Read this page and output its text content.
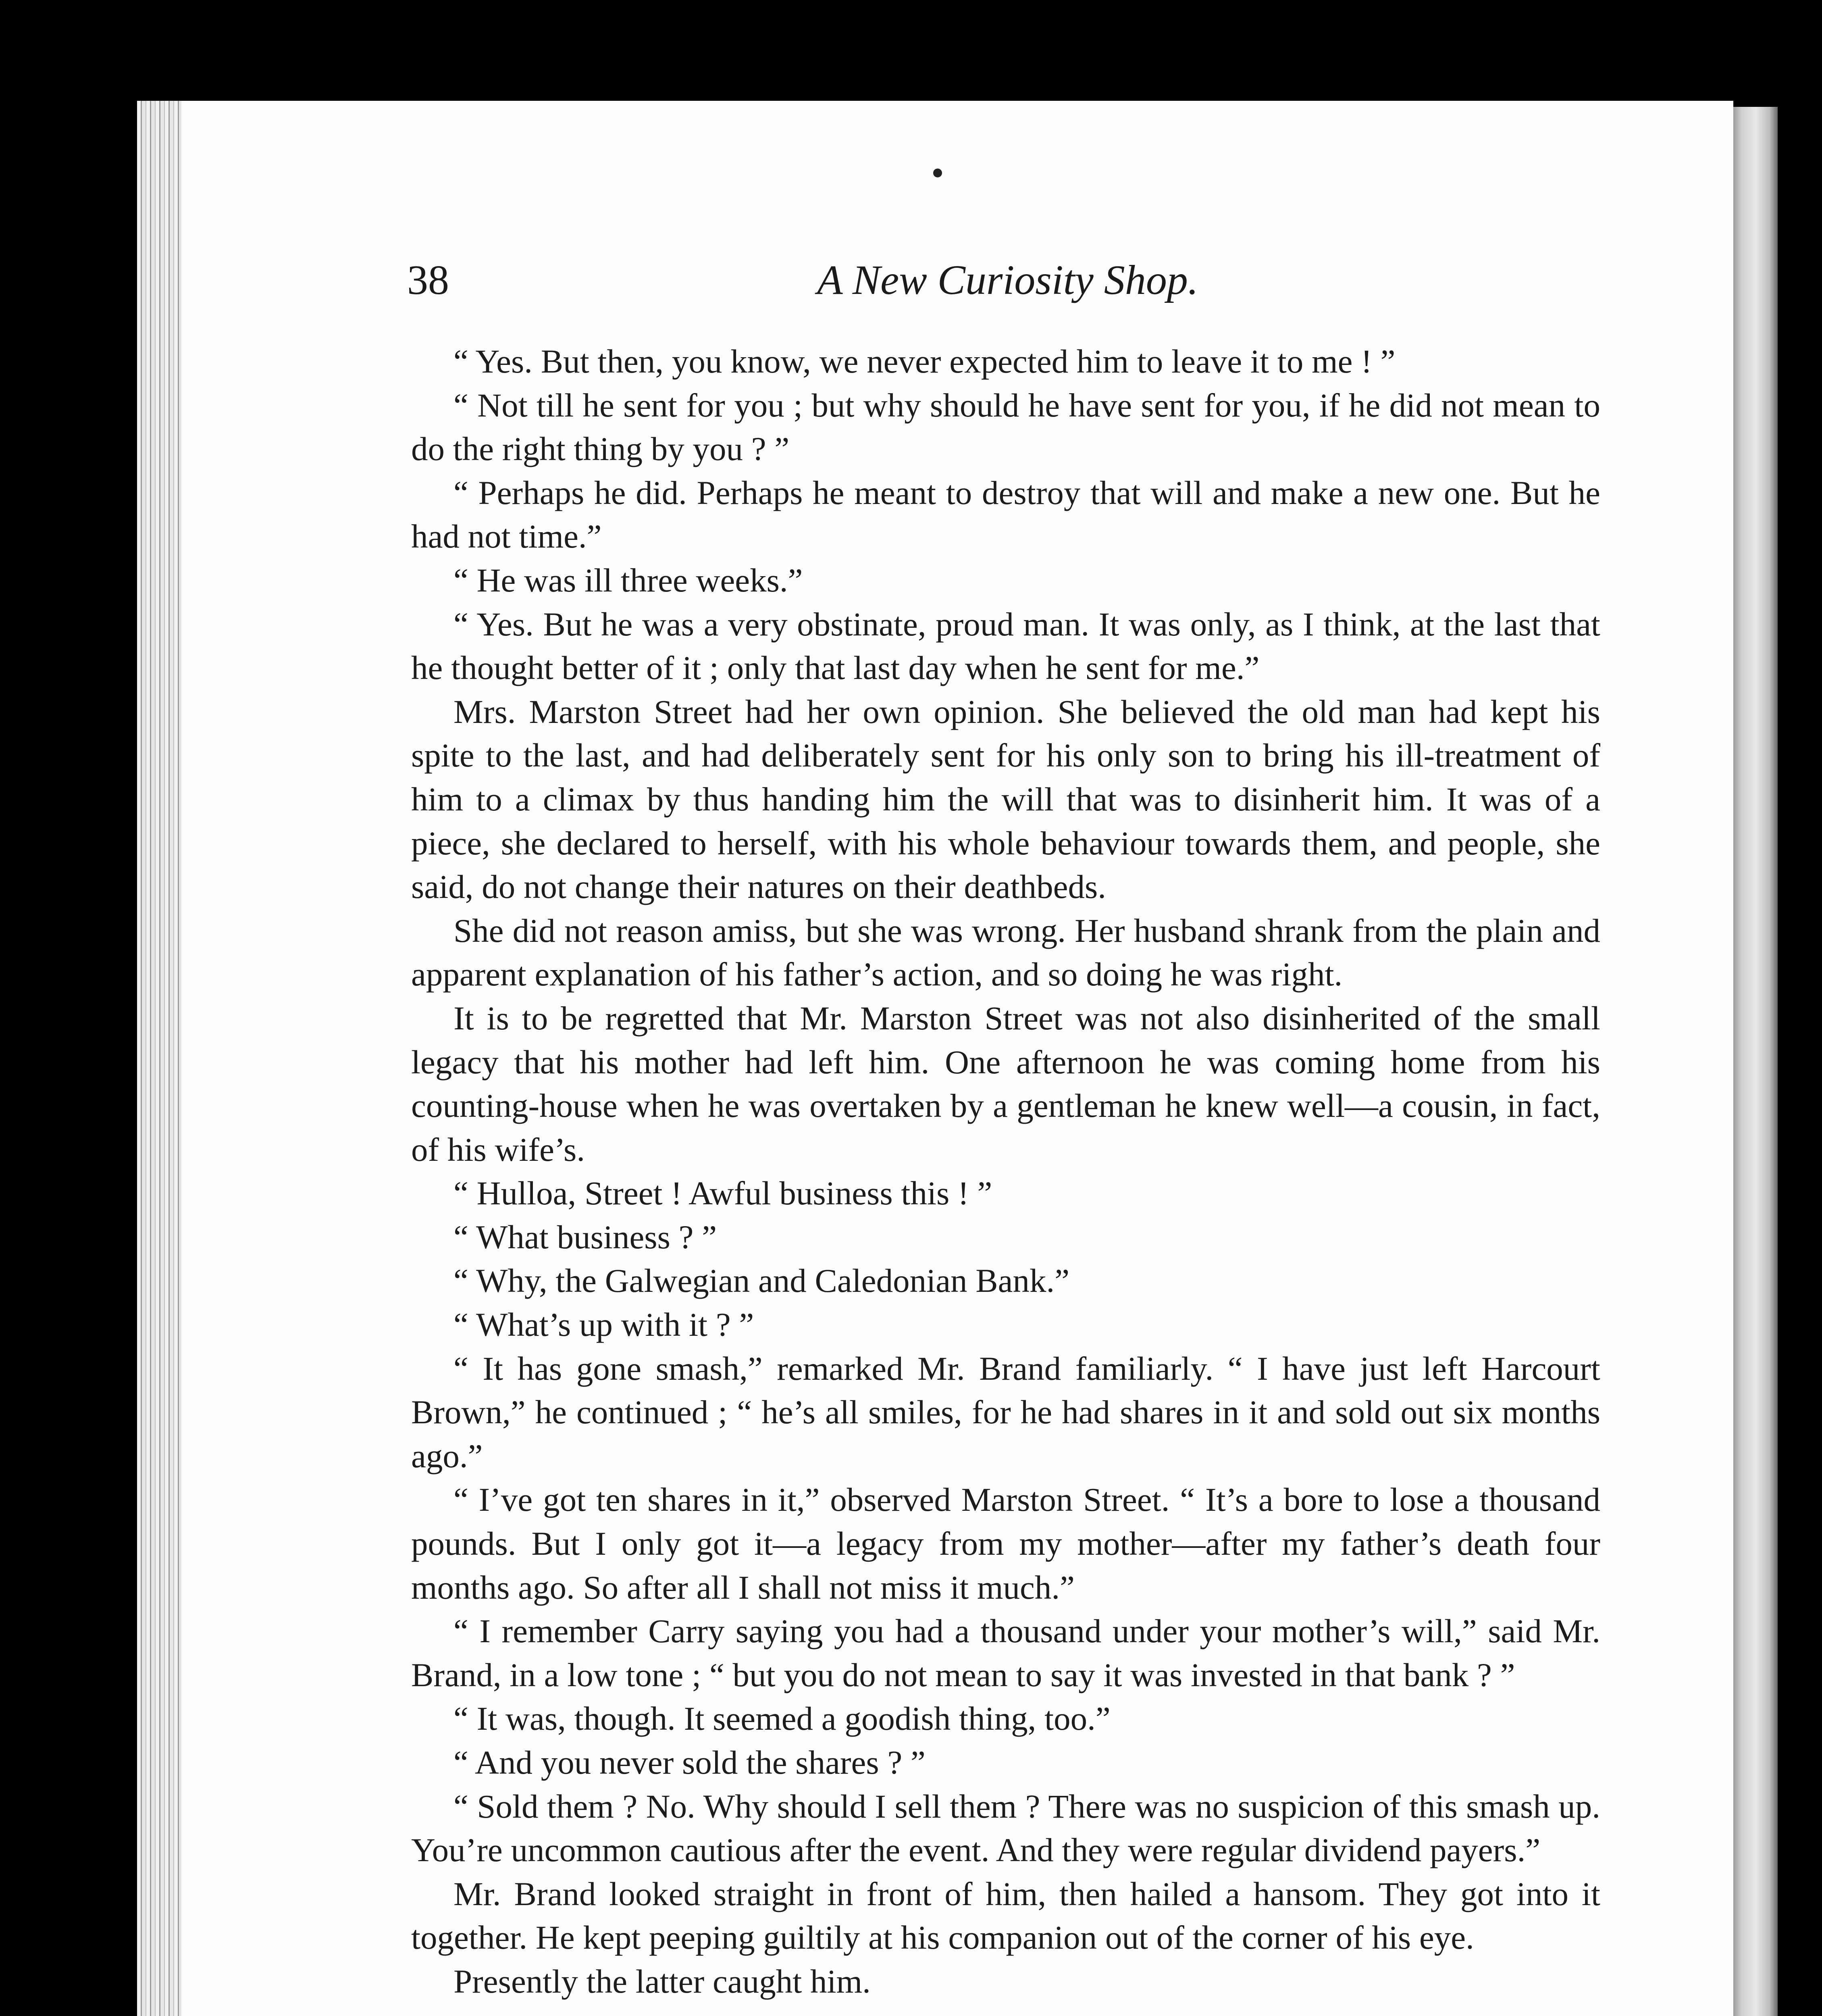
38	A New Curiosity Shop.

“ Yes. But then, you know, we never expected him to leave it to me ! ”

“ Not till he sent for you ; but why should he have sent for you, if he did not mean to do the right thing by you ? ”

“ Perhaps he did. Perhaps he meant to destroy that will and make a new one. But he had not time.”

“ He was ill three weeks.”

“ Yes. But he was a very obstinate, proud man. It was only, as I think, at the last that he thought better of it ; only that last day when he sent for me.”

Mrs. Marston Street had her own opinion. She believed the old man had kept his spite to the last, and had deliberately sent for his only son to bring his ill-treatment of him to a climax by thus handing him the will that was to disinherit him. It was of a piece, she declared to herself, with his whole behaviour towards them, and people, she said, do not change their natures on their deathbeds.

She did not reason amiss, but she was wrong. Her husband shrank from the plain and apparent explanation of his father’s action, and so doing he was right.

It is to be regretted that Mr. Marston Street was not also disinherited of the small legacy that his mother had left him. One afternoon he was coming home from his counting-house when he was overtaken by a gentleman he knew well—a cousin, in fact, of his wife’s.

“ Hulloa, Street ! Awful business this ! ”

“ What business ? ”

“ Why, the Galwegian and Caledonian Bank.”

“ What’s up with it ? ”

“ It has gone smash,” remarked Mr. Brand familiarly. “ I have just left Harcourt Brown,” he continued ; “ he’s all smiles, for he had shares in it and sold out six months ago.”

“ I’ve got ten shares in it,” observed Marston Street. “ It’s a bore to lose a thousand pounds. But I only got it—a legacy from my mother—after my father’s death four months ago. So after all I shall not miss it much.”

“ I remember Carry saying you had a thousand under your mother’s will,” said Mr. Brand, in a low tone ; “ but you do not mean to say it was invested in that bank ? ”

“ It was, though. It seemed a goodish thing, too.”

“ And you never sold the shares ? ”

“ Sold them ? No. Why should I sell them ? There was no suspicion of this smash up. You’re uncommon cautious after the event. And they were regular dividend payers.”

Mr. Brand looked straight in front of him, then hailed a hansom. They got into it together. He kept peeping guiltily at his companion out of the corner of his eye.

Presently the latter caught him.
